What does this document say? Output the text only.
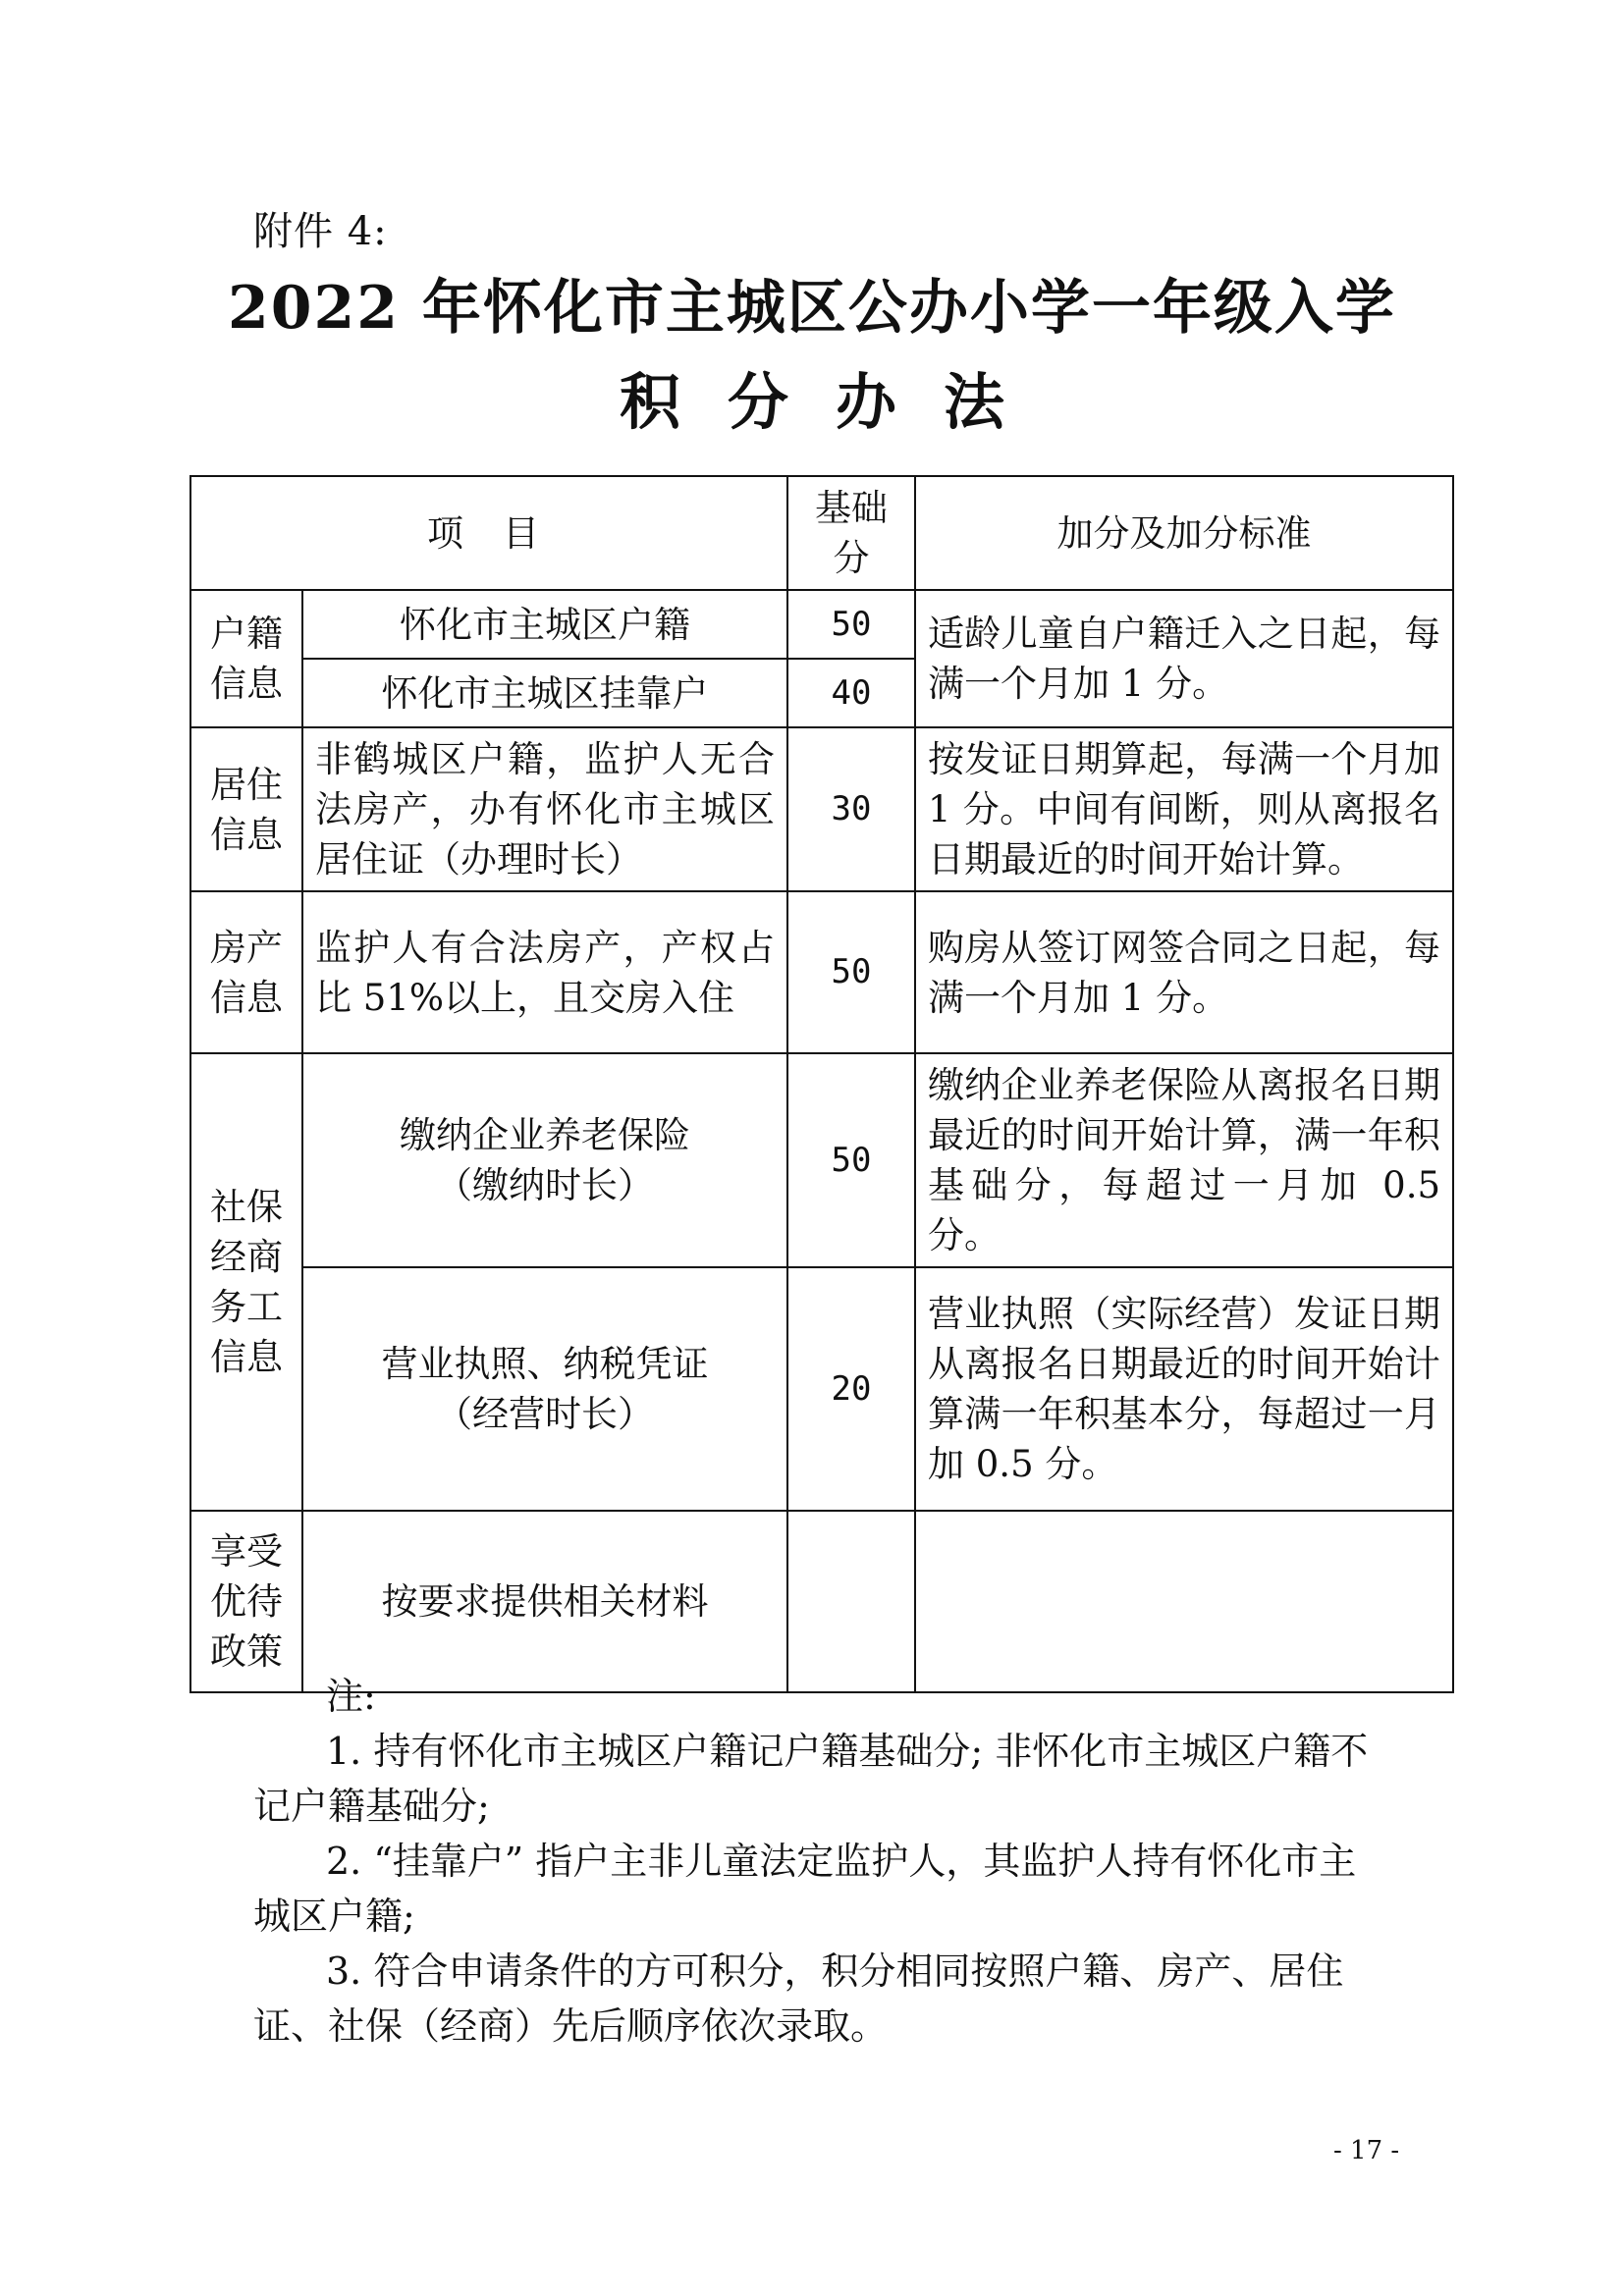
附件 4:
2022 年怀化市主城区公办小学一年级入学
积分办法
项目		基础分	加分及加分标准
户籍信息	怀化市主城区户籍	50	适龄儿童自户籍迁入之日起，每满一个月加 1 分。
	怀化市主城区挂靠户	40	
居住信息	非鹤城区户籍，监护人无合法房产，办有怀化市主城区居住证（办理时长）	30	按发证日期算起，每满一个月加 1 分。中间有间断，则从离报名日期最近的时间开始计算。
房产信息	监护人有合法房产，产权占比 51%以上，且交房入住	50	购房从签订网签合同之日起，每满一个月加 1 分。
社保经商务工信息	缴纳企业养老保险
（缴纳时长）	50	缴纳企业养老保险从离报名日期最近的时间开始计算，满一年积基础分，每超过一月加 0.5 分。

	营业执照、纳税凭证
（经营时长）	20	营业执照（实际经营）发证日期从离报名日期最近的时间开始计算满一年积基本分，每超过一月加 0.5 分。
享受优待政策	按要求提供相关材料		

注:

1. 持有怀化市主城区户籍记户籍基础分; 非怀化市主城区户籍不记户籍基础分;

2. “挂靠户” 指户主非儿童法定监护人，其监护人持有怀化市主城区户籍;

3. 符合申请条件的方可积分，积分相同按照户籍、房产、居住证、社保（经商）先后顺序依次录取。

- 17 -
